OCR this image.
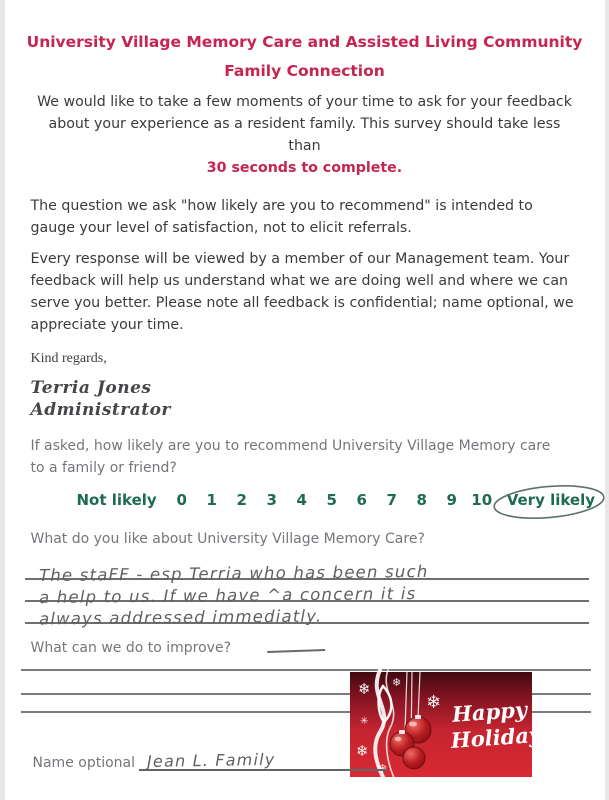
University Village Memory Care and Assisted Living Community
Family Connection

We would like to take a few moments of your time to ask for your feedback about your experience as a resident family. This survey should take less than
30 seconds to complete.

The question we ask "how likely are you to recommend" is intended to gauge your level of satisfaction, not to elicit referrals.

Every response will be viewed by a member of our Management team. Your feedback will help us understand what we are doing well and where we can serve you better. Please note all feedback is confidential; name optional, we appreciate your time.

Kind regards,

Terria Jones
Administrator

If asked, how likely are you to recommend University Village Memory care to a family or friend?

Not likely	0	1	2	3	4	5	6	7	8	9 10 Very likely

What do you like about University Village Memory Care?

The staFF - esp Terria who has been such
a help to us. If we have ^a concern it is
always addressed immediatly.

What can we do to improve?

❄ ❄
❄
✳
❄
❄
Happy
Holidays
Name optional Jean L. Family
